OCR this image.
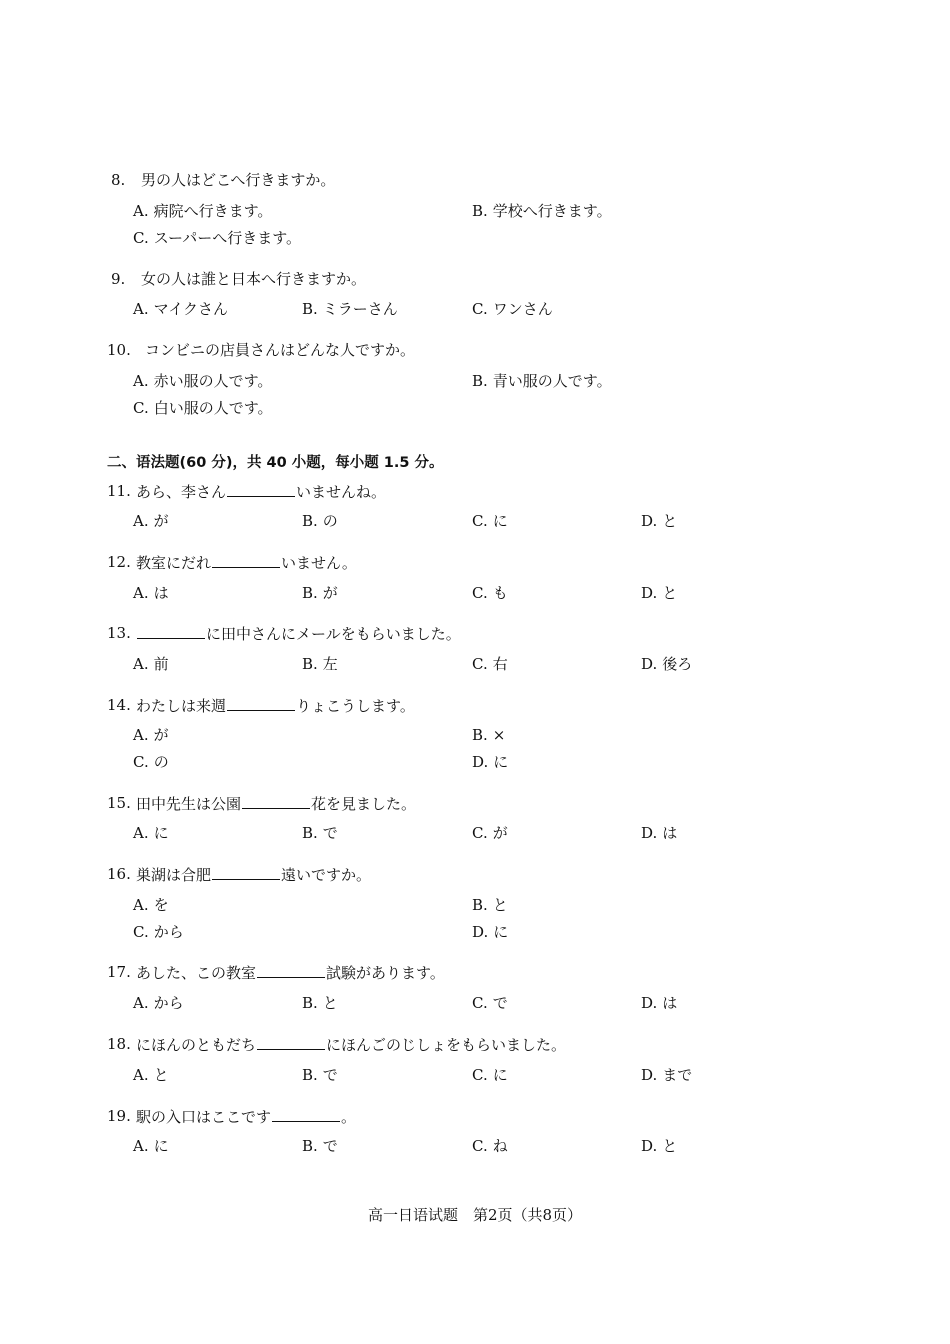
8. 男の人はどこへ行きますか。
A. 病院へ行きます。	B. 学校へ行きます。
C. スーパーへ行きます。
9. 女の人は誰と日本へ行きますか。
A. マイクさん	B. ミラーさん	C. ワンさん
10. コンビニの店員さんはどんな人ですか。
A. 赤い服の人です。	B. 青い服の人です。
C. 白い服の人です。
二、语法题(60 分)，共 40 小题，每小题 1.5 分。
11. あら、李さん	いませんね。
A. が	B. の	C. に	D. と
12. 教室にだれ	いません。
A. は	B. が	C. も	D. と
13.	に田中さんにメールをもらいました。
A. 前	B. 左	C. 右	D. 後ろ
14. わたしは来週	りょこうします。
A. が	B. ×
C. の	D. に
15. 田中先生は公園	花を見ました。
A. に	B. で	C. が	D. は
16. 巣湖は合肥	遠いですか。
A. を	B. と
C. から	D. に
17. あした、この教室	試験があります。
A. から	B. と	C. で	D. は
18. にほんのともだち	にほんごのじしょをもらいました。
A. と	B. で	C. に	D. まで
19. 駅の入口はここです	。
A. に	B. で	C. ね	D. と
高一日语试题　第2页（共8页）
